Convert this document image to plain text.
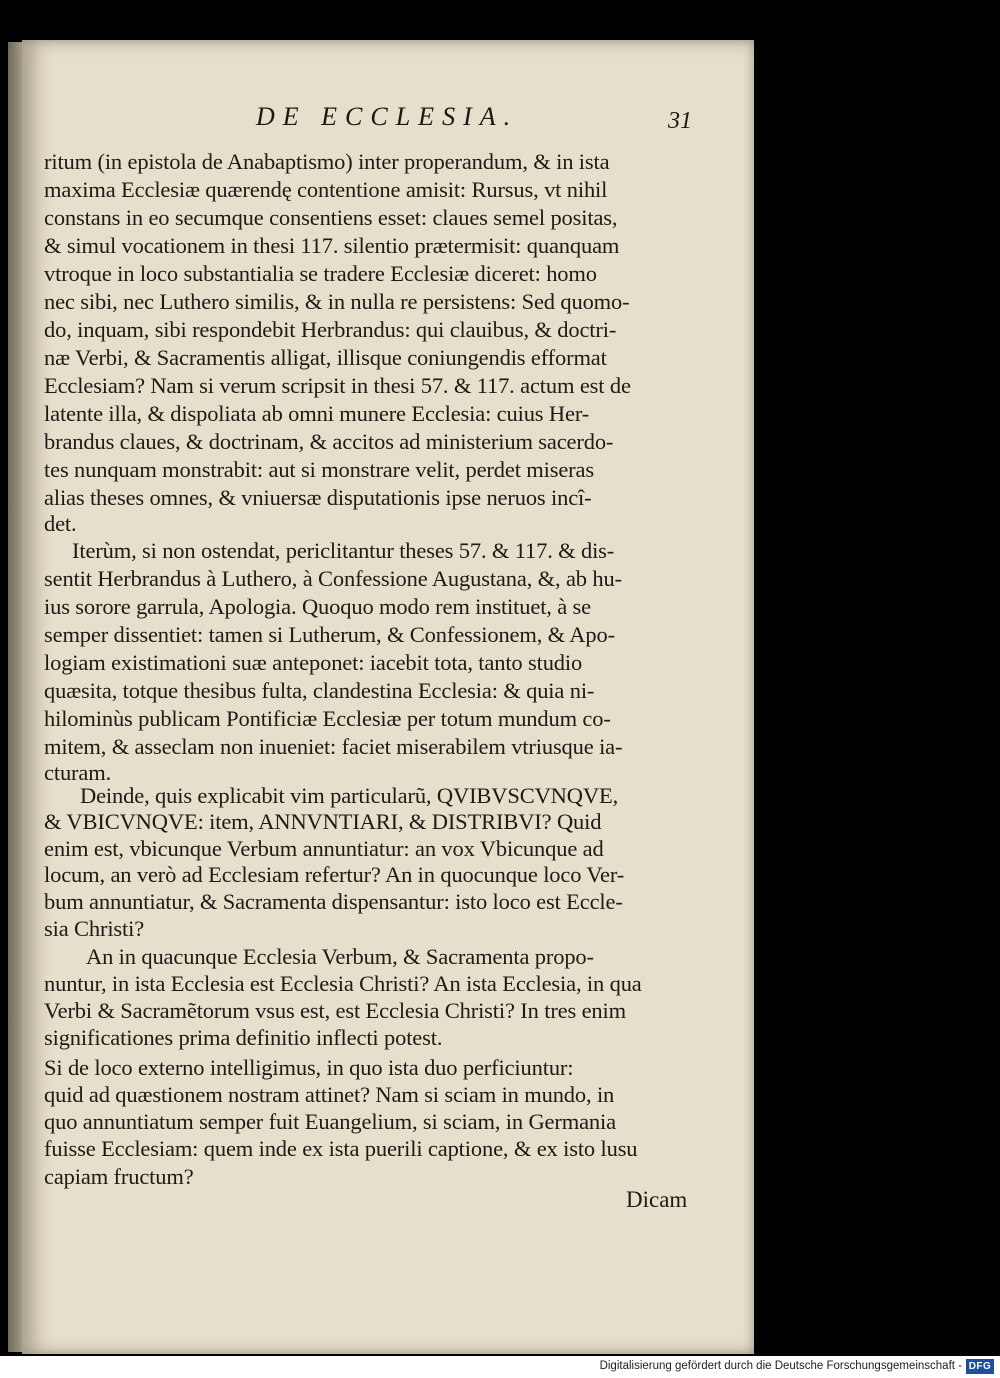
DE ECCLESIA.	31
ritum (in epistola de Anabaptismo) inter properandum, & in ista
maxima Ecclesiæ quærendę contentione amisit: Rursus, vt nihil
constans in eo secumque consentiens esset: claues semel positas,
& simul vocationem in thesi 117. silentio prætermisit: quanquam
vtroque in loco substantialia se tradere Ecclesiæ diceret: homo
nec sibi, nec Luthero similis, & in nulla re persistens: Sed quomo-
do, inquam, sibi respondebit Herbrandus: qui clauibus, & doctri-
næ Verbi, & Sacramentis alligat, illisque coniungendis efformat
Ecclesiam? Nam si verum scripsit in thesi 57. & 117. actum est de
latente illa, & dispoliata ab omni munere Ecclesia: cuius Her-
brandus claues, & doctrinam, & accitos ad ministerium sacerdo-
tes nunquam monstrabit: aut si monstrare velit, perdet miseras
alias theses omnes, & vniuersæ disputationis ipse neruos incî-
det.
Iterùm, si non ostendat, periclitantur theses 57. & 117. & dis-
sentit Herbrandus à Luthero, à Confessione Augustana, &, ab hu-
ius sorore garrula, Apologia. Quoquo modo rem instituet, à se
semper dissentiet: tamen si Lutherum, & Confessionem, & Apo-
logiam existimationi suæ anteponet: iacebit tota, tanto studio
quæsita, totque thesibus fulta, clandestina Ecclesia: & quia ni-
hilominùs publicam Pontificiæ Ecclesiæ per totum mundum co-
mitem, & asseclam non inueniet: faciet miserabilem vtriusque ia-
cturam.
Deinde, quis explicabit vim particularũ, QVIBVSCVNQVE,
& VBICVNQVE: item, ANNVNTIARI, & DISTRIBVI? Quid
enim est, vbicunque Verbum annuntiatur: an vox Vbicunque ad
locum, an verò ad Ecclesiam refertur? An in quocunque loco Ver-
bum annuntiatur, & Sacramenta dispensantur: isto loco est Eccle-
sia Christi?
An in quacunque Ecclesia Verbum, & Sacramenta propo-
nuntur, in ista Ecclesia est Ecclesia Christi? An ista Ecclesia, in qua
Verbi & Sacramẽtorum vsus est, est Ecclesia Christi? In tres enim
significationes prima definitio inflecti potest.
Si de loco externo intelligimus, in quo ista duo perficiuntur:
quid ad quæstionem nostram attinet? Nam si sciam in mundo, in
quo annuntiatum semper fuit Euangelium, si sciam, in Germania
fuisse Ecclesiam: quem inde ex ista puerili captione, & ex isto lusu
capiam fructum?
Dicam
Digitalisierung gefördert durch die Deutsche Forschungsgemeinschaft - DFG
